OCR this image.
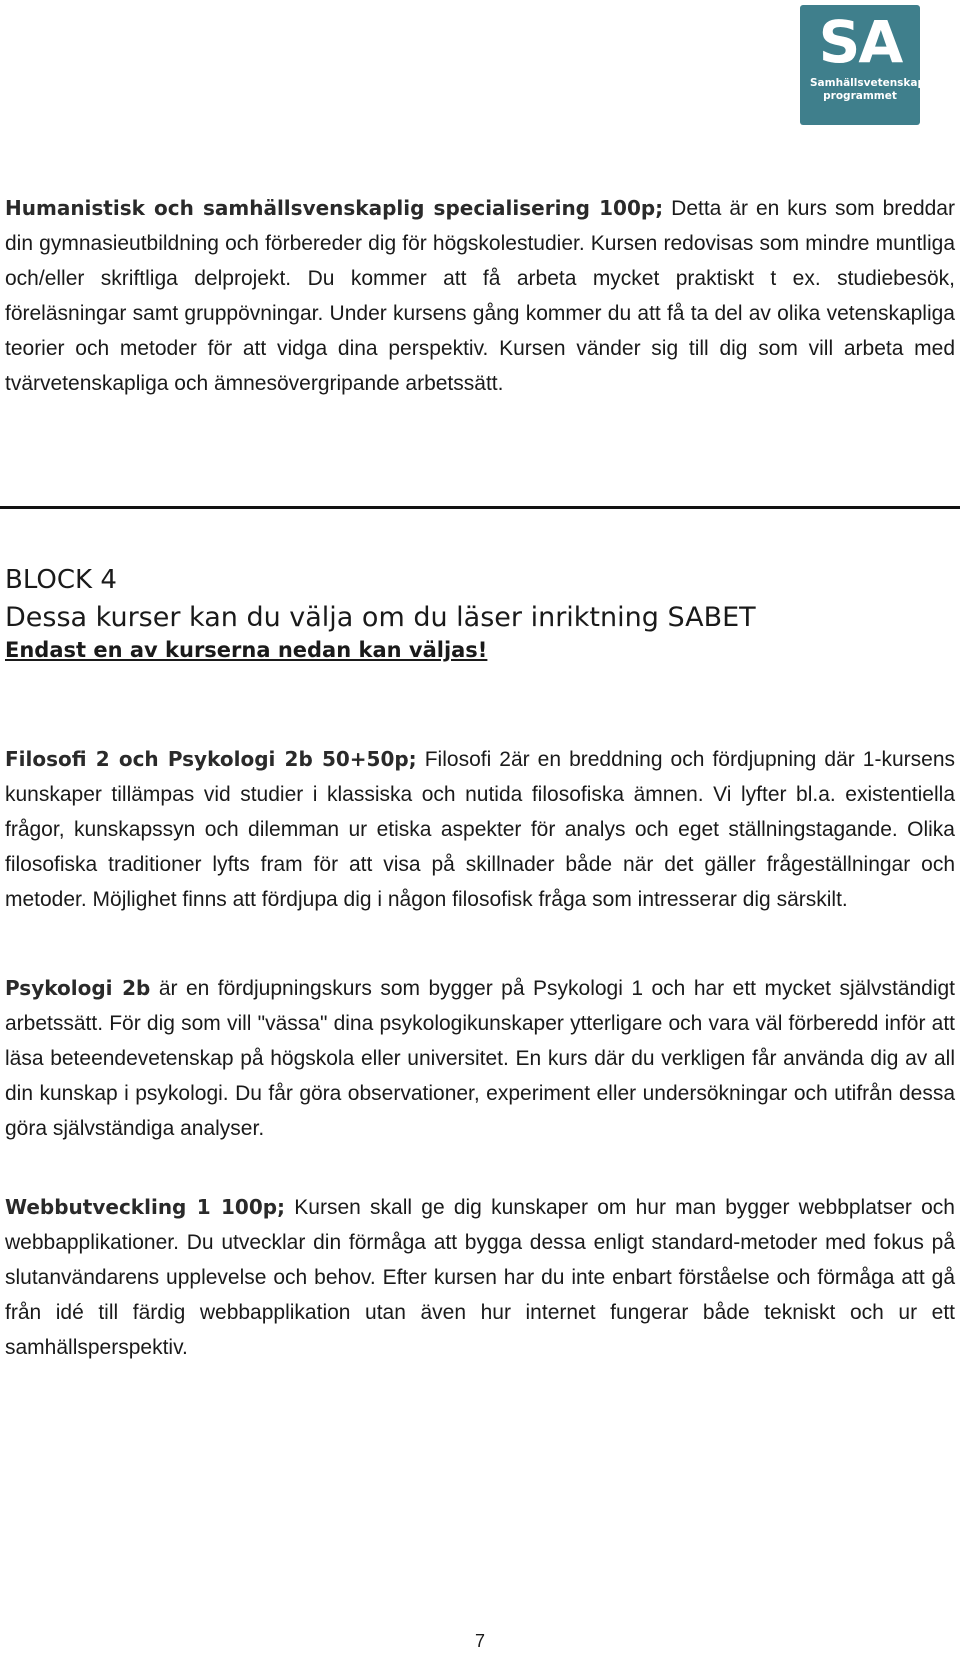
SA
Samhällsvetenskaps-
programmet

Humanistisk och samhällsvenskaplig specialisering 100p; Detta är en kurs som breddar din gymnasieutbildning och förbereder dig för högskolestudier. Kursen redovisas som mindre muntliga och/eller skriftliga delprojekt. Du kommer att få arbeta mycket praktiskt t ex. studiebesök, föreläsningar samt gruppövningar. Under kursens gång kommer du att få ta del av olika vetenskapliga teorier och metoder för att vidga dina perspektiv. Kursen vänder sig till dig som vill arbeta med tvärvetenskapliga och ämnesövergripande arbetssätt.

BLOCK 4

Dessa kurser kan du välja om du läser inriktning SABET

Endast en av kurserna nedan kan väljas!

Filosofi 2 och Psykologi 2b 50+50p; Filosofi 2är en breddning och fördjupning där 1-kursens kunskaper tillämpas vid studier i klassiska och nutida filosofiska ämnen. Vi lyfter bl.a. existentiella frågor, kunskapssyn och dilemman ur etiska aspekter för analys och eget ställningstagande. Olika filosofiska traditioner lyfts fram för att visa på skillnader både när det gäller frågeställningar och metoder. Möjlighet finns att fördjupa dig i någon filosofisk fråga som intresserar dig särskilt.

Psykologi 2b är en fördjupningskurs som bygger på Psykologi 1 och har ett mycket självständigt arbetssätt. För dig som vill "vässa" dina psykologikunskaper ytterligare och vara väl förberedd inför att läsa beteendevetenskap på högskola eller universitet. En kurs där du verkligen får använda dig av all din kunskap i psykologi. Du får göra observationer, experiment eller undersökningar och utifrån dessa göra självständiga analyser.

Webbutveckling 1 100p; Kursen skall ge dig kunskaper om hur man bygger webbplatser och webbapplikationer. Du utvecklar din förmåga att bygga dessa enligt standard-metoder med fokus på slutanvändarens upplevelse och behov. Efter kursen har du inte enbart förståelse och förmåga att gå från idé till färdig webbapplikation utan även hur internet fungerar både tekniskt och ur ett samhällsperspektiv.

7
